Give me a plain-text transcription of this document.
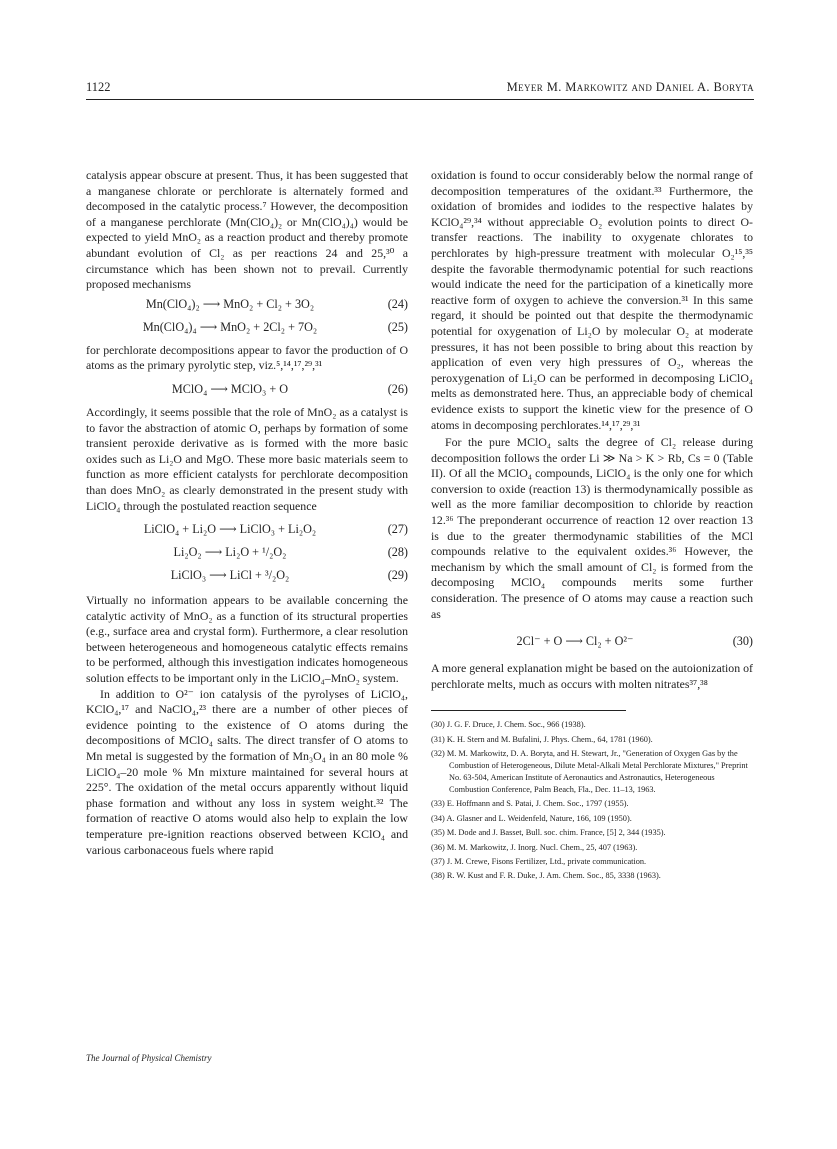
1122	Meyer M. Markowitz and Daniel A. Boryta

catalysis appear obscure at present. Thus, it has been suggested that a manganese chlorate or perchlorate is alternately formed and decomposed in the catalytic process.⁷ However, the decomposition of a manganese perchlorate (Mn(ClO₄)₂ or Mn(ClO₄)₄) would be expected to yield MnO₂ as a reaction product and thereby promote abundant evolution of Cl₂ as per reactions 24 and 25,³⁰ a circumstance which has been shown not to prevail. Currently proposed mechanisms

Mn(ClO₄)₂ ⟶ MnO₂ + Cl₂ + 3O₂	(24)
Mn(ClO₄)₄ ⟶ MnO₂ + 2Cl₂ + 7O₂	(25)

for perchlorate decompositions appear to favor the production of O atoms as the primary pyrolytic step, viz.⁵,¹⁴,¹⁷,²⁹,³¹

MClO₄ ⟶ MClO₃ + O	(26)

Accordingly, it seems possible that the role of MnO₂ as a catalyst is to favor the abstraction of atomic O, perhaps by formation of some transient peroxide derivative as is formed with the more basic oxides such as Li₂O and MgO. These more basic materials seem to function as more efficient catalysts for perchlorate decomposition than does MnO₂ as clearly demonstrated in the present study with LiClO₄ through the postulated reaction sequence

LiClO₄ + Li₂O ⟶ LiClO₃ + Li₂O₂	(27)
Li₂O₂ ⟶ Li₂O + ¹/₂O₂	(28)
LiClO₃ ⟶ LiCl + ³/₂O₂	(29)

Virtually no information appears to be available concerning the catalytic activity of MnO₂ as a function of its structural properties (e.g., surface area and crystal form). Furthermore, a clear resolution between heterogeneous and homogeneous catalytic effects remains to be performed, although this investigation indicates homogeneous solution effects to be important only in the LiClO₄–MnO₂ system.

In addition to O²⁻ ion catalysis of the pyrolyses of LiClO₄, KClO₄,¹⁷ and NaClO₄,²³ there are a number of other pieces of evidence pointing to the existence of O atoms during the decompositions of MClO₄ salts. The direct transfer of O atoms to Mn metal is suggested by the formation of Mn₃O₄ in an 80 mole % LiClO₄–20 mole % Mn mixture maintained for several hours at 225°. The oxidation of the metal occurs apparently without liquid phase formation and without any loss in system weight.³² The formation of reactive O atoms would also help to explain the low temperature pre-ignition reactions observed between KClO₄ and various carbonaceous fuels where rapid

oxidation is found to occur considerably below the normal range of decomposition temperatures of the oxidant.³³ Furthermore, the oxidation of bromides and iodides to the respective halates by KClO₄²⁹,³⁴ without appreciable O₂ evolution points to direct O-transfer reactions. The inability to oxygenate chlorates to perchlorates by high-pressure treatment with molecular O₂¹⁵,³⁵ despite the favorable thermodynamic potential for such reactions would indicate the need for the participation of a kinetically more reactive form of oxygen to achieve the conversion.³¹ In this same regard, it should be pointed out that despite the thermodynamic potential for oxygenation of Li₂O by molecular O₂ at moderate pressures, it has not been possible to bring about this reaction by application of even very high pressures of O₂, whereas the peroxygenation of Li₂O can be performed in decomposing LiClO₄ melts as demonstrated here. Thus, an appreciable body of chemical evidence exists to support the kinetic view for the presence of O atoms in decomposing perchlorates.¹⁴,¹⁷,²⁹,³¹

For the pure MClO₄ salts the degree of Cl₂ release during decomposition follows the order Li ≫ Na > K > Rb, Cs = 0 (Table II). Of all the MClO₄ compounds, LiClO₄ is the only one for which conversion to oxide (reaction 13) is thermodynamically possible as well as the more familiar decomposition to chloride by reaction 12.³⁶ The preponderant occurrence of reaction 12 over reaction 13 is due to the greater thermodynamic stabilities of the MCl compounds relative to the equivalent oxides.³⁶ However, the mechanism by which the small amount of Cl₂ is formed from the decomposing MClO₄ compounds merits some further consideration. The presence of O atoms may cause a reaction such as

2Cl⁻ + O ⟶ Cl₂ + O²⁻	(30)

A more general explanation might be based on the autoionization of perchlorate melts, much as occurs with molten nitrates³⁷,³⁸

(30) J. G. F. Druce, J. Chem. Soc., 966 (1938).
(31) K. H. Stern and M. Bufalini, J. Phys. Chem., 64, 1781 (1960).
(32) M. M. Markowitz, D. A. Boryta, and H. Stewart, Jr., "Generation of Oxygen Gas by the Combustion of Heterogeneous, Dilute Metal-Alkali Metal Perchlorate Mixtures," Preprint No. 63-504, American Institute of Aeronautics and Astronautics, Heterogeneous Combustion Conference, Palm Beach, Fla., Dec. 11–13, 1963.
(33) E. Hoffmann and S. Patai, J. Chem. Soc., 1797 (1955).
(34) A. Glasner and L. Weidenfeld, Nature, 166, 109 (1950).
(35) M. Dode and J. Basset, Bull. soc. chim. France, [5] 2, 344 (1935).
(36) M. M. Markowitz, J. Inorg. Nucl. Chem., 25, 407 (1963).
(37) J. M. Crewe, Fisons Fertilizer, Ltd., private communication.
(38) R. W. Kust and F. R. Duke, J. Am. Chem. Soc., 85, 3338 (1963).
The Journal of Physical Chemistry
